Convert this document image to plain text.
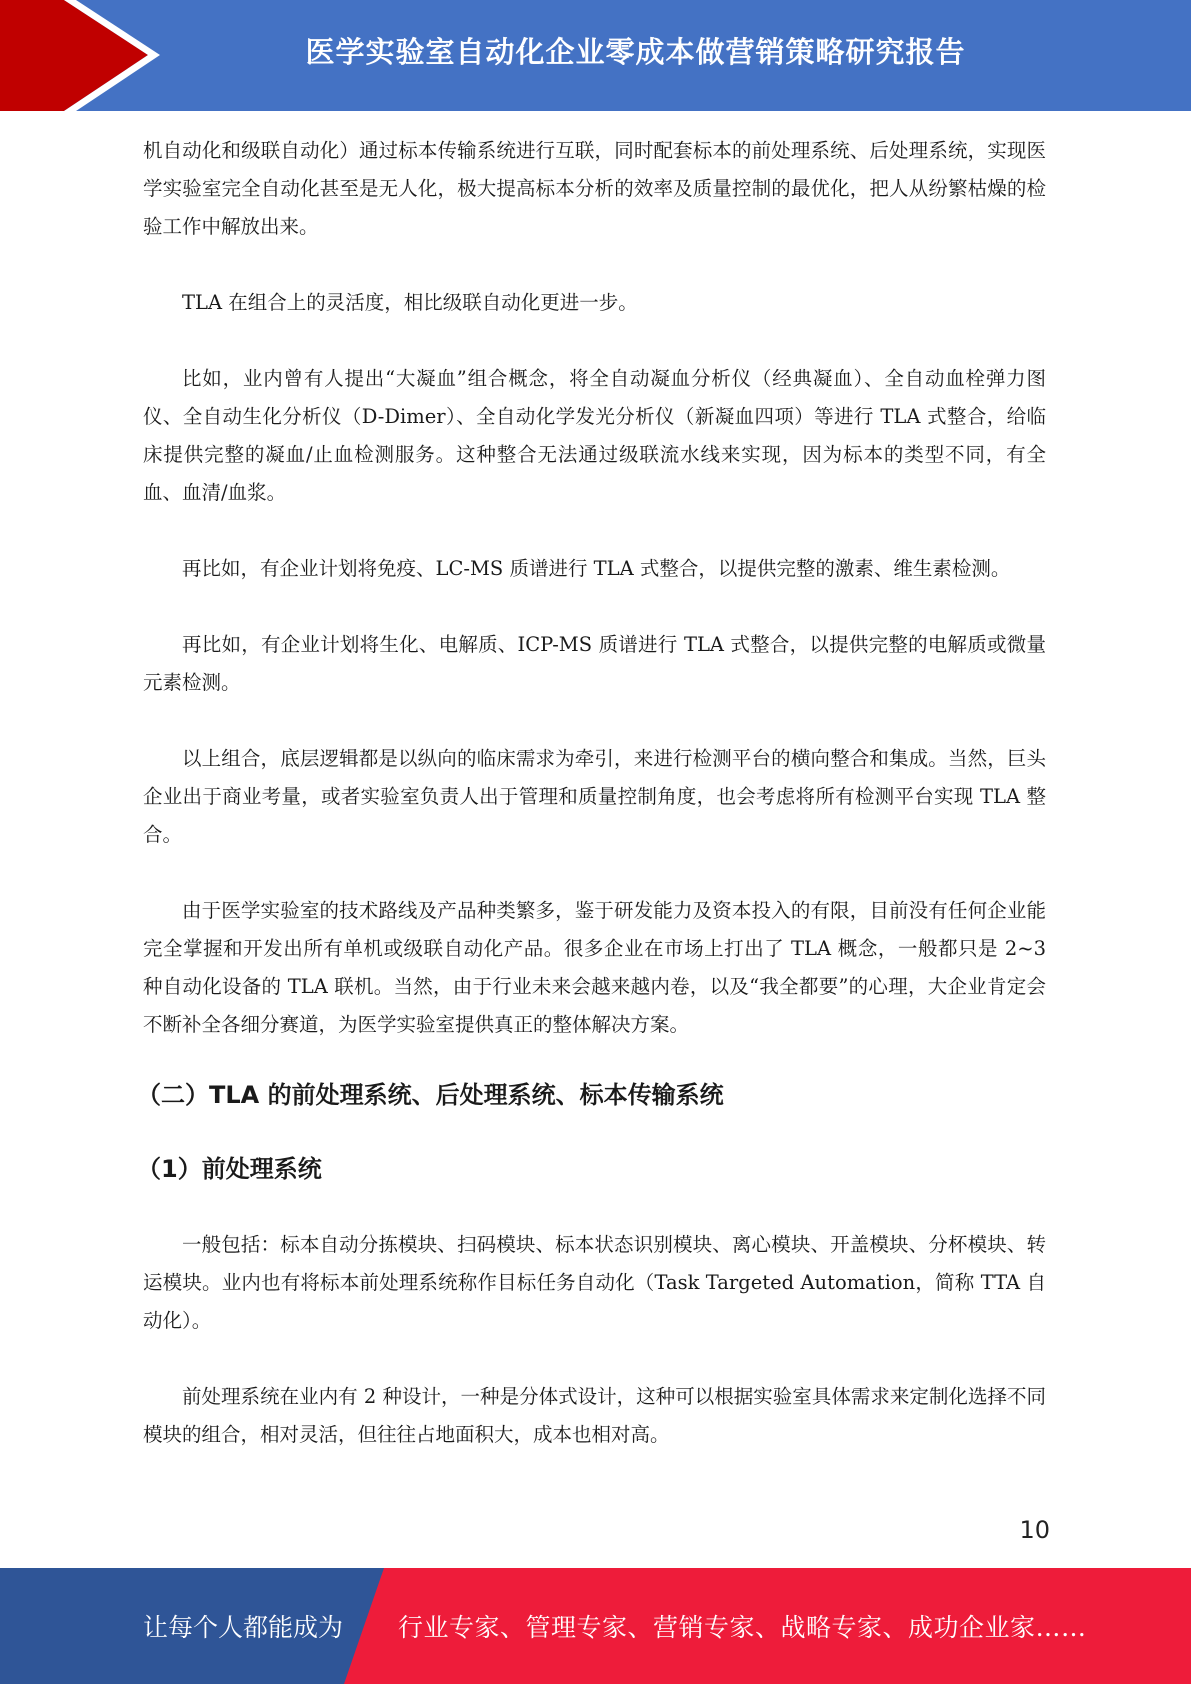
医学实验室自动化企业零成本做营销策略研究报告

机自动化和级联自动化）通过标本传输系统进行互联，同时配套标本的前处理系统、后处理系统，实现医学实验室完全自动化甚至是无人化，极大提高标本分析的效率及质量控制的最优化，把人从纷繁枯燥的检验工作中解放出来。

TLA 在组合上的灵活度，相比级联自动化更进一步。

比如，业内曾有人提出“大凝血”组合概念，将全自动凝血分析仪（经典凝血）、全自动血栓弹力图仪、全自动生化分析仪（D-Dimer）、全自动化学发光分析仪（新凝血四项）等进行 TLA 式整合，给临床提供完整的凝血/止血检测服务。这种整合无法通过级联流水线来实现，因为标本的类型不同，有全血、血清/血浆。

再比如，有企业计划将免疫、LC-MS 质谱进行 TLA 式整合，以提供完整的激素、维生素检测。

再比如，有企业计划将生化、电解质、ICP-MS 质谱进行 TLA 式整合，以提供完整的电解质或微量元素检测。

以上组合，底层逻辑都是以纵向的临床需求为牵引，来进行检测平台的横向整合和集成。当然，巨头企业出于商业考量，或者实验室负责人出于管理和质量控制角度，也会考虑将所有检测平台实现 TLA 整合。

由于医学实验室的技术路线及产品种类繁多，鉴于研发能力及资本投入的有限，目前没有任何企业能完全掌握和开发出所有单机或级联自动化产品。很多企业在市场上打出了 TLA 概念，一般都只是 2~3 种自动化设备的 TLA 联机。当然，由于行业未来会越来越内卷，以及“我全都要”的心理，大企业肯定会不断补全各细分赛道，为医学实验室提供真正的整体解决方案。

（二）TLA 的前处理系统、后处理系统、标本传输系统
（1）前处理系统

一般包括：标本自动分拣模块、扫码模块、标本状态识别模块、离心模块、开盖模块、分杯模块、转运模块。业内也有将标本前处理系统称作目标任务自动化（Task Targeted Automation，简称 TTA 自动化）。

前处理系统在业内有 2 种设计，一种是分体式设计，这种可以根据实验室具体需求来定制化选择不同模块的组合，相对灵活，但往往占地面积大，成本也相对高。

10
让每个人都能成为 行业专家、管理专家、营销专家、战略专家、成功企业家……
